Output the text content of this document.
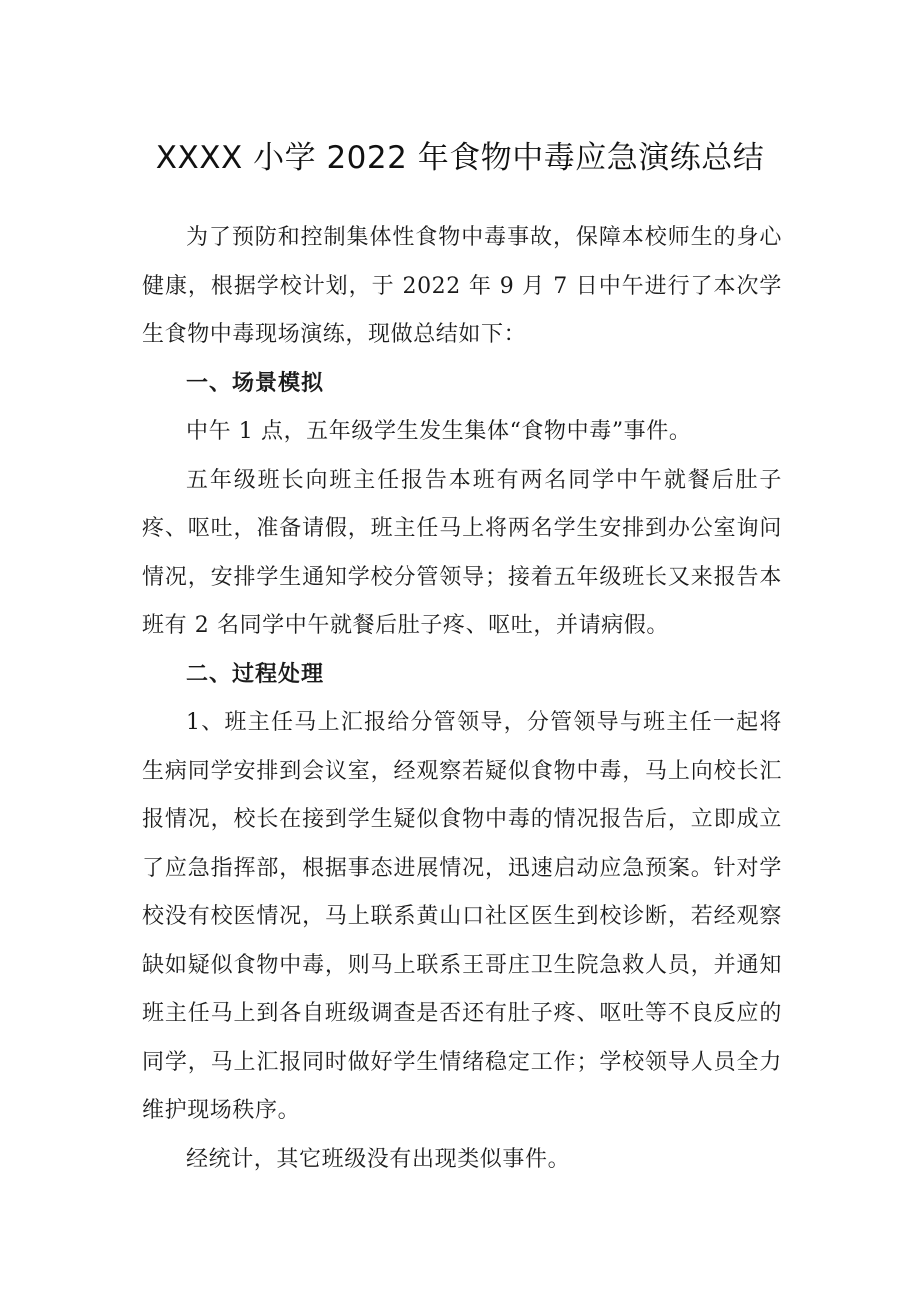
XXXX 小学 2022 年食物中毒应急演练总结

为了预防和控制集体性食物中毒事故，保障本校师生的身心健康，根据学校计划，于 2022 年 9 月 7 日中午进行了本次学生食物中毒现场演练，现做总结如下：

一、场景模拟

中午 1 点，五年级学生发生集体“食物中毒”事件。

五年级班长向班主任报告本班有两名同学中午就餐后肚子疼、呕吐，准备请假，班主任马上将两名学生安排到办公室询问情况，安排学生通知学校分管领导；接着五年级班长又来报告本班有 2 名同学中午就餐后肚子疼、呕吐，并请病假。

二、过程处理

1、班主任马上汇报给分管领导，分管领导与班主任一起将生病同学安排到会议室，经观察若疑似食物中毒，马上向校长汇报情况，校长在接到学生疑似食物中毒的情况报告后，立即成立了应急指挥部，根据事态进展情况，迅速启动应急预案。针对学校没有校医情况，马上联系黄山口社区医生到校诊断，若经观察缺如疑似食物中毒，则马上联系王哥庄卫生院急救人员，并通知班主任马上到各自班级调查是否还有肚子疼、呕吐等不良反应的同学，马上汇报同时做好学生情绪稳定工作；学校领导人员全力维护现场秩序。

经统计，其它班级没有出现类似事件。
